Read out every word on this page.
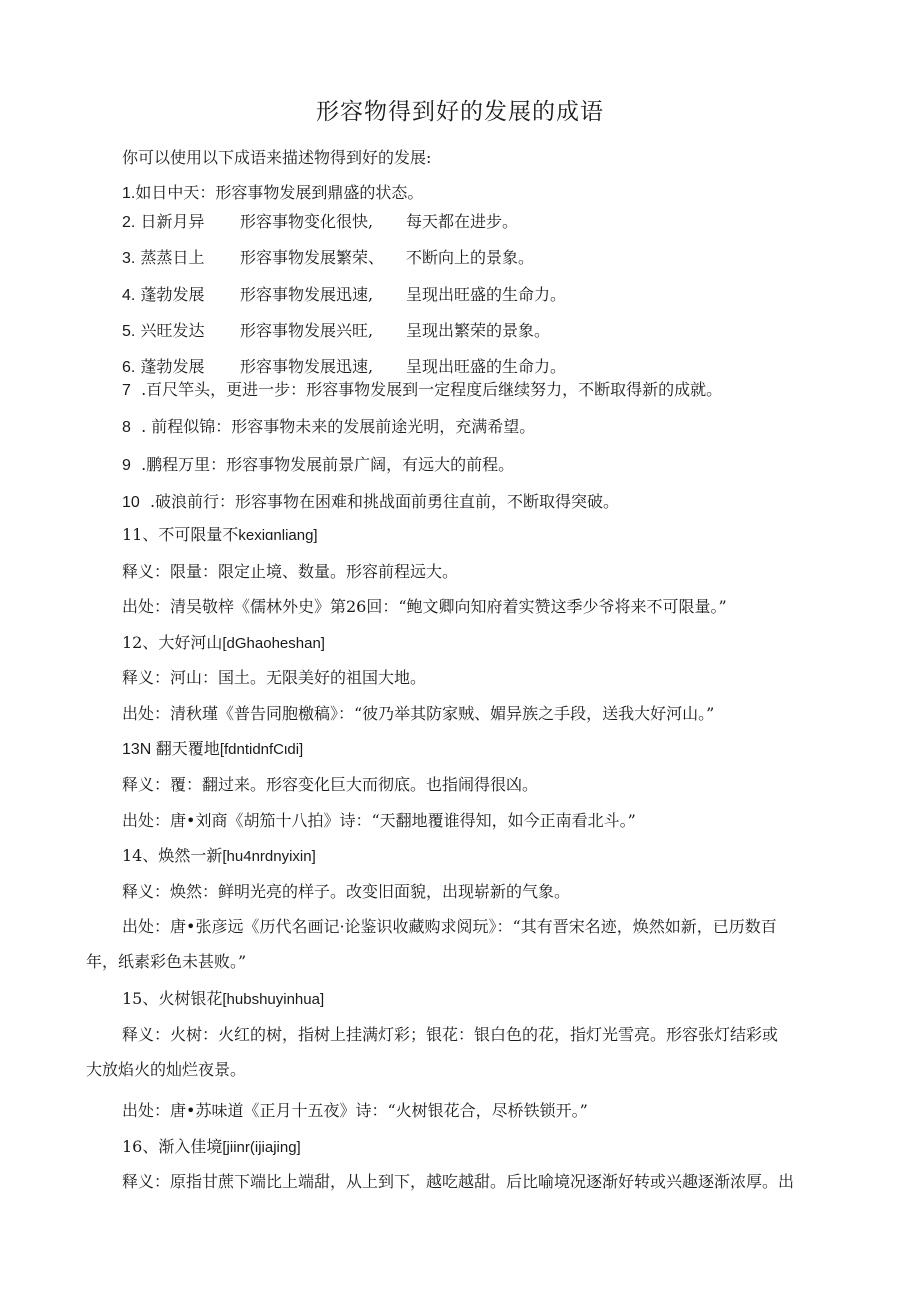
形容物得到好的发展的成语
你可以使用以下成语来描述物得到好的发展:
1.如日中天：形容事物发展到鼎盛的状态。
2. 日新月异 形容事物变化很快, 每天都在进步。
3. 蒸蒸日上 形容事物发展繁荣、 不断向上的景象。
4. 蓬勃发展 形容事物发展迅速, 呈现出旺盛的生命力。
5. 兴旺发达 形容事物发展兴旺, 呈现出繁荣的景象。
6. 蓬勃发展 形容事物发展迅速, 呈现出旺盛的生命力。
7 .百尺竿头，更进一步：形容事物发展到一定程度后继续努力，不断取得新的成就。
8 . 前程似锦：形容事物未来的发展前途光明，充满希望。
9 .鹏程万里：形容事物发展前景广阔，有远大的前程。
10 .破浪前行：形容事物在困难和挑战面前勇往直前，不断取得突破。
11、不可限量不kexiɑnliang]
释义：限量：限定止境、数量。形容前程远大。
出处：清吴敬梓《儒林外史》第26回：“鲍文卿向知府着实赞这季少爷将来不可限量。”
12、大好河山[dGhaoheshan]
释义：河山：国土。无限美好的祖国大地。
出处：清秋瑾《普告同胞檄稿》：“彼乃举其防家贼、媚异族之手段，送我大好河山。”
13N 翻天覆地[fdntidnfCιdi]
释义：覆：翻过来。形容变化巨大而彻底。也指闹得很凶。
出处：唐•刘商《胡笳十八拍》诗：“天翻地覆谁得知，如今正南看北斗。”
14、焕然一新[hu4nrdnyixin]
释义：焕然：鲜明光亮的样子。改变旧面貌，出现崭新的气象。
出处：唐•张彦远《历代名画记·论鉴识收藏购求阅玩》：“其有晋宋名迹，焕然如新，已历数百
年，纸素彩色未甚败。”
15、火树银花[hubshuyinhua]
释义：火树：火红的树，指树上挂满灯彩；银花：银白色的花，指灯光雪亮。形容张灯结彩或
大放焰火的灿烂夜景。
出处：唐•苏味道《正月十五夜》诗：“火树银花合，尽桥铁锁开。”
16、渐入佳境[jiinr(ijiajing]
释义：原指甘蔗下端比上端甜，从上到下，越吃越甜。后比喻境况逐渐好转或兴趣逐渐浓厚。出
